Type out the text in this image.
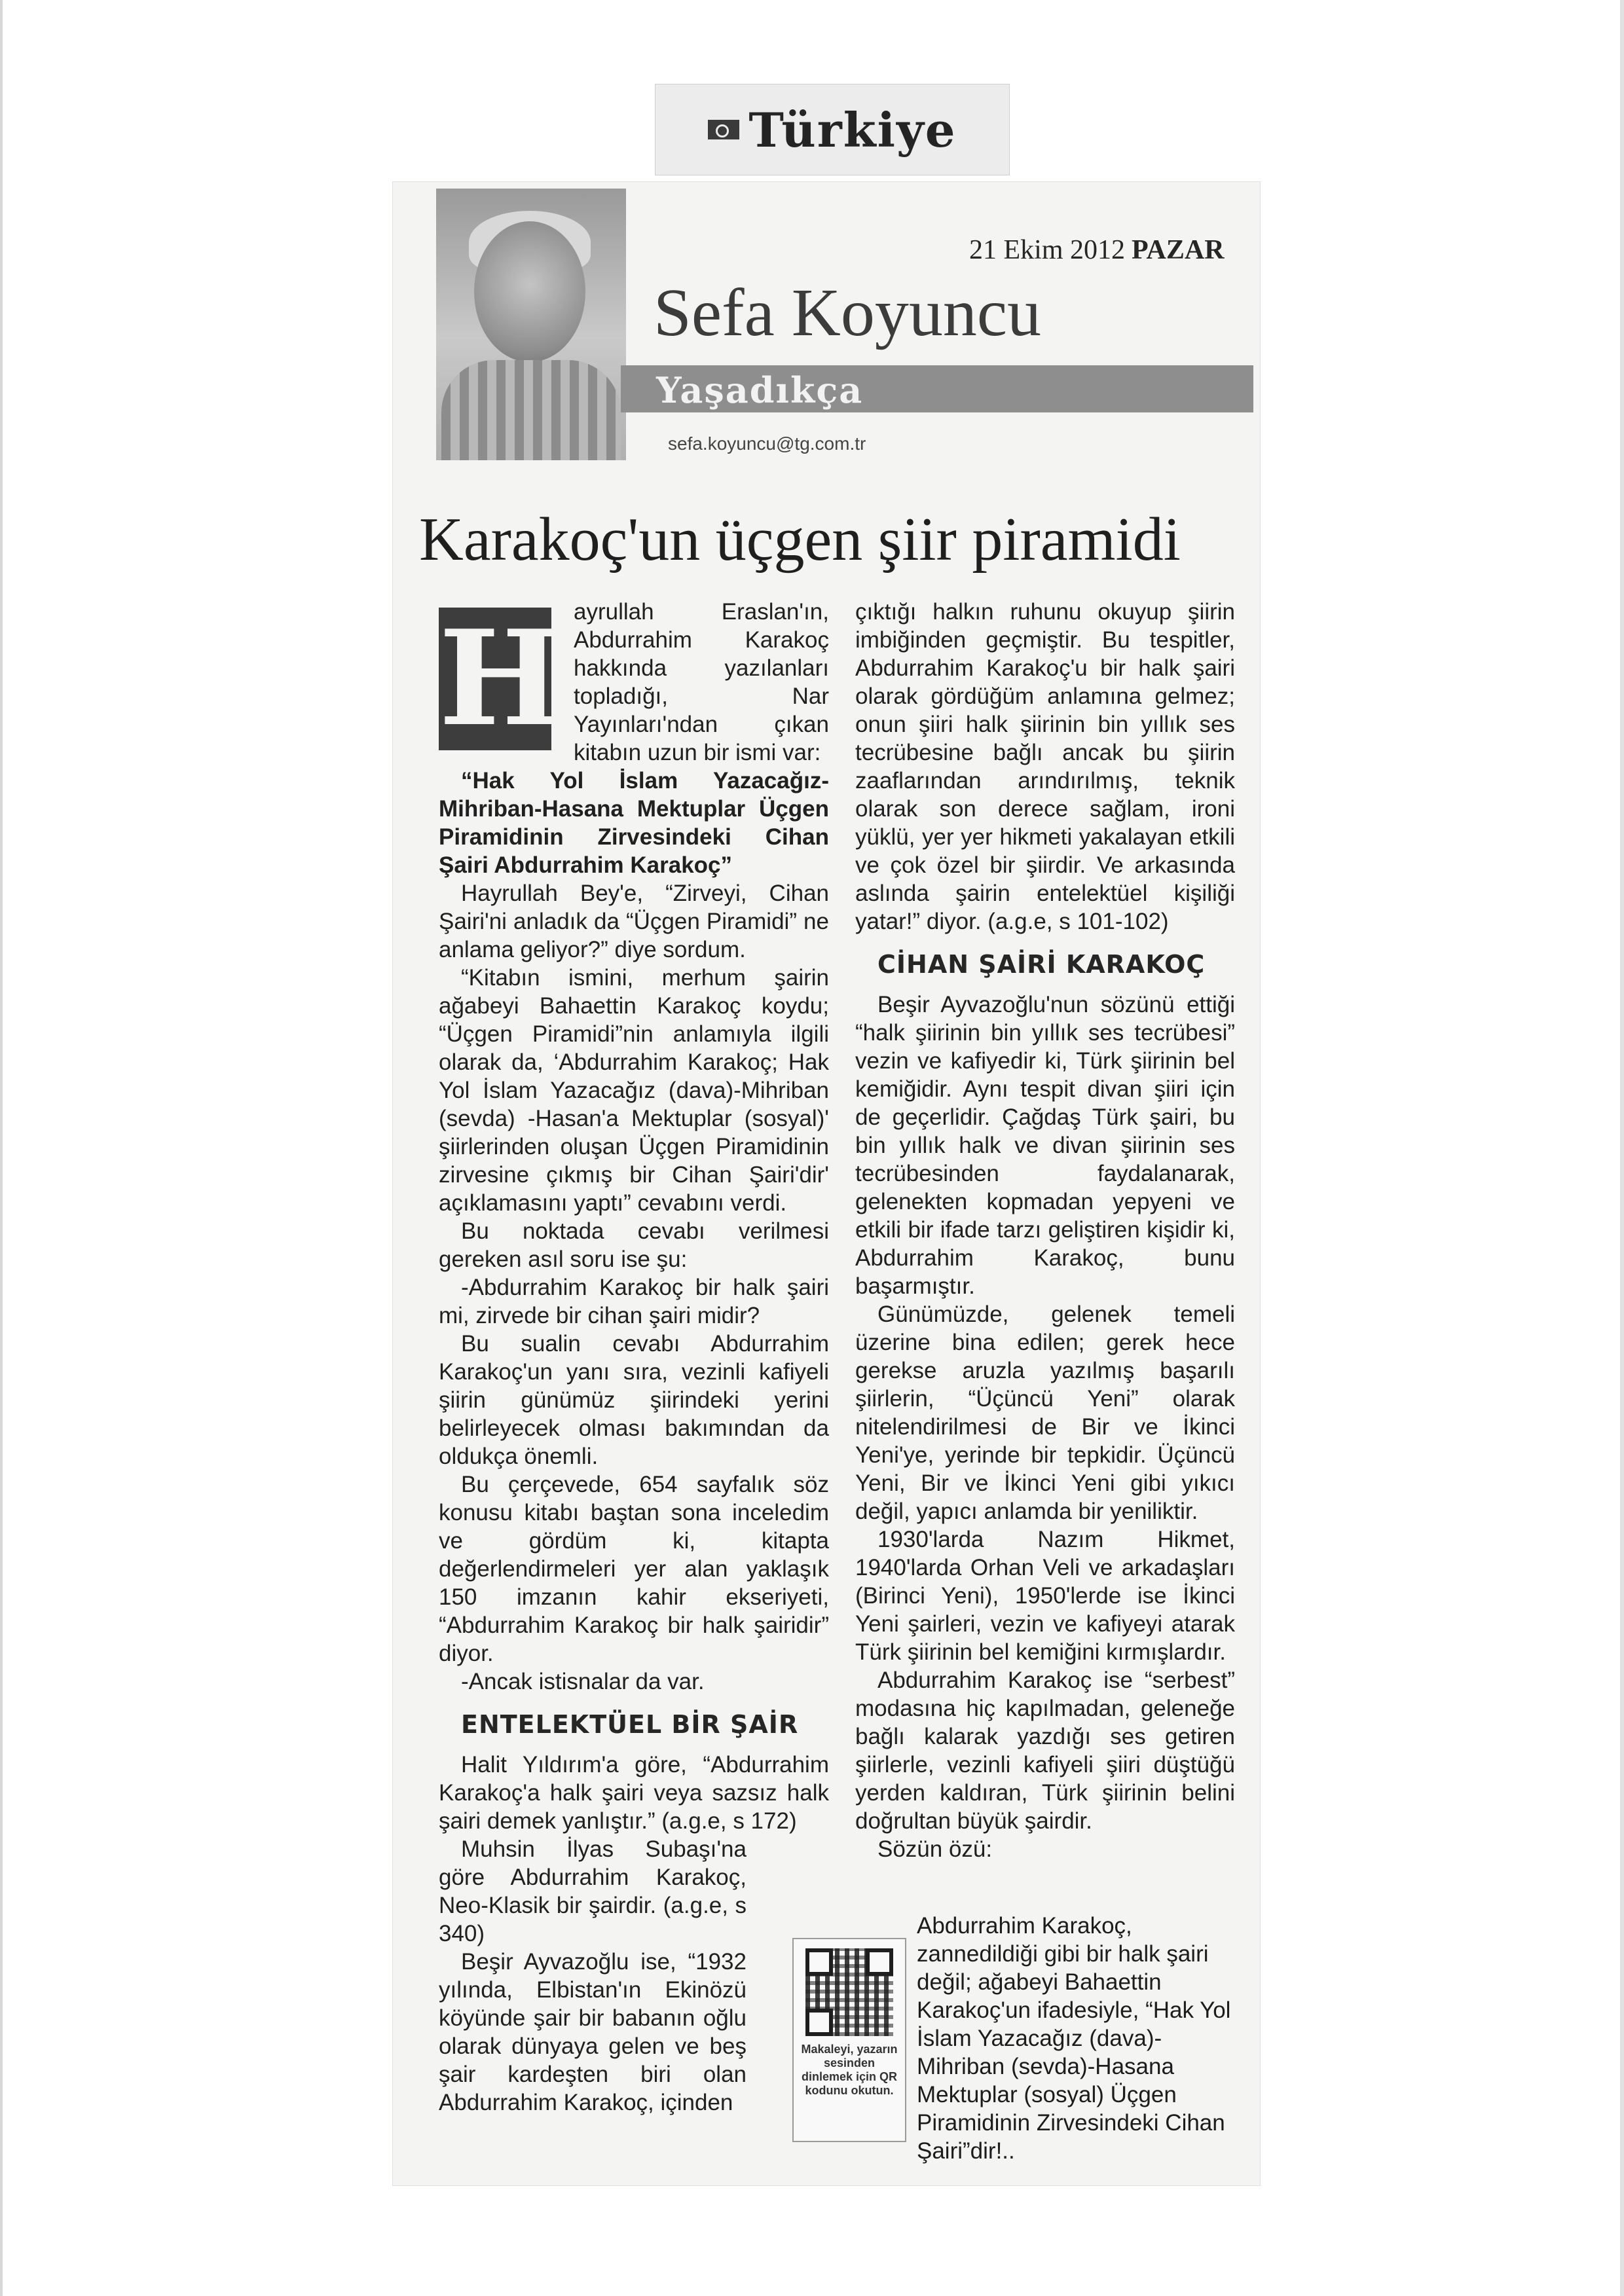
Türkiye
21 Ekim 2012 PAZAR
Sefa Koyuncu
Yaşadıkça
sefa.koyuncu@tg.com.tr
Karakoç'un üçgen şiir piramidi
H ayrullah Eraslan'ın, Abdurrahim Karakoç hakkında yazılanları topladığı, Nar Yayınları'ndan çıkan kitabın uzun bir ismi var:

“Hak Yol İslam Yazacağız-Mihriban-Hasana Mektuplar Üçgen Piramidinin Zirvesindeki Cihan Şairi Abdurrahim Karakoç”

Hayrullah Bey'e, “Zirveyi, Cihan Şairi'ni anladık da “Üçgen Piramidi” ne anlama geliyor?” diye sordum.

“Kitabın ismini, merhum şairin ağabeyi Bahaettin Karakoç koydu; “Üçgen Piramidi”nin anlamıyla ilgili olarak da, ‘Abdurrahim Karakoç; Hak Yol İslam Yazacağız (dava)-Mihriban (sevda) -Hasan'a Mektuplar (sosyal)' şiirlerinden oluşan Üçgen Piramidinin zirvesine çıkmış bir Cihan Şairi'dir' açıklamasını yaptı” cevabını verdi.

Bu noktada cevabı verilmesi gereken asıl soru ise şu:

-Abdurrahim Karakoç bir halk şairi mi, zirvede bir cihan şairi midir?

Bu sualin cevabı Abdurrahim Karakoç'un yanı sıra, vezinli kafiyeli şiirin günümüz şiirindeki yerini belirleyecek olması bakımından da oldukça önemli.

Bu çerçevede, 654 sayfalık söz konusu kitabı baştan sona inceledim ve gördüm ki, kitapta değerlendirmeleri yer alan yaklaşık 150 imzanın kahir ekseriyeti, “Abdurrahim Karakoç bir halk şairidir” diyor.

-Ancak istisnalar da var.

ENTELEKTÜEL BİR ŞAİR

Halit Yıldırım'a göre, “Abdurrahim Karakoç'a halk şairi veya sazsız halk şairi demek yanlıştır.” (a.g.e, s 172)

Muhsin İlyas Subaşı'na göre Abdurrahim Karakoç, Neo-Klasik bir şairdir. (a.g.e, s 340)

Beşir Ayvazoğlu ise, “1932 yılında, Elbistan'ın Ekinözü köyünde şair bir babanın oğlu olarak dünyaya gelen ve beş şair kardeşten biri olan Abdurrahim Karakoç, içinden

çıktığı halkın ruhunu okuyup şiirin imbiğinden geçmiştir. Bu tespitler, Abdurrahim Karakoç'u bir halk şairi olarak gördüğüm anlamına gelmez; onun şiiri halk şiirinin bin yıllık ses tecrübesine bağlı ancak bu şiirin zaaflarından arındırılmış, teknik olarak son derece sağlam, ironi yüklü, yer yer hikmeti yakalayan etkili ve çok özel bir şiirdir. Ve arkasında aslında şairin entelektüel kişiliği yatar!” diyor. (a.g.e, s 101-102)

CİHAN ŞAİRİ KARAKOÇ

Beşir Ayvazoğlu'nun sözünü ettiği “halk şiirinin bin yıllık ses tecrübesi” vezin ve kafiyedir ki, Türk şiirinin bel kemiğidir. Aynı tespit divan şiiri için de geçerlidir. Çağdaş Türk şairi, bu bin yıllık halk ve divan şiirinin ses tecrübesinden faydalanarak, gelenekten kopmadan yepyeni ve etkili bir ifade tarzı geliştiren kişidir ki, Abdurrahim Karakoç, bunu başarmıştır.

Günümüzde, gelenek temeli üzerine bina edilen; gerek hece gerekse aruzla yazılmış başarılı şiirlerin, “Üçüncü Yeni” olarak nitelendirilmesi de Bir ve İkinci Yeni'ye, yerinde bir tepkidir. Üçüncü Yeni, Bir ve İkinci Yeni gibi yıkıcı değil, yapıcı anlamda bir yeniliktir.

1930'larda Nazım Hikmet, 1940'larda Orhan Veli ve arkadaşları (Birinci Yeni), 1950'lerde ise İkinci Yeni şairleri, vezin ve kafiyeyi atarak Türk şiirinin bel kemiğini kırmışlardır.

Abdurrahim Karakoç ise “serbest” modasına hiç kapılmadan, geleneğe bağlı kalarak yazdığı ses getiren şiirlerle, vezinli kafiyeli şiiri düştüğü yerden kaldıran, Türk şiirinin belini doğrultan büyük şairdir.

Sözün özü:

Makaleyi, yazarın sesinden dinlemek için QR kodunu okutun.

Abdurrahim Karakoç, zannedildiği gibi bir halk şairi değil; ağabeyi Bahaettin Karakoç'un ifadesiyle, “Hak Yol İslam Yazacağız (dava)-Mihriban (sevda)-Hasana Mektuplar (sosyal) Üçgen Piramidinin Zirvesindeki Cihan Şairi”dir!..
